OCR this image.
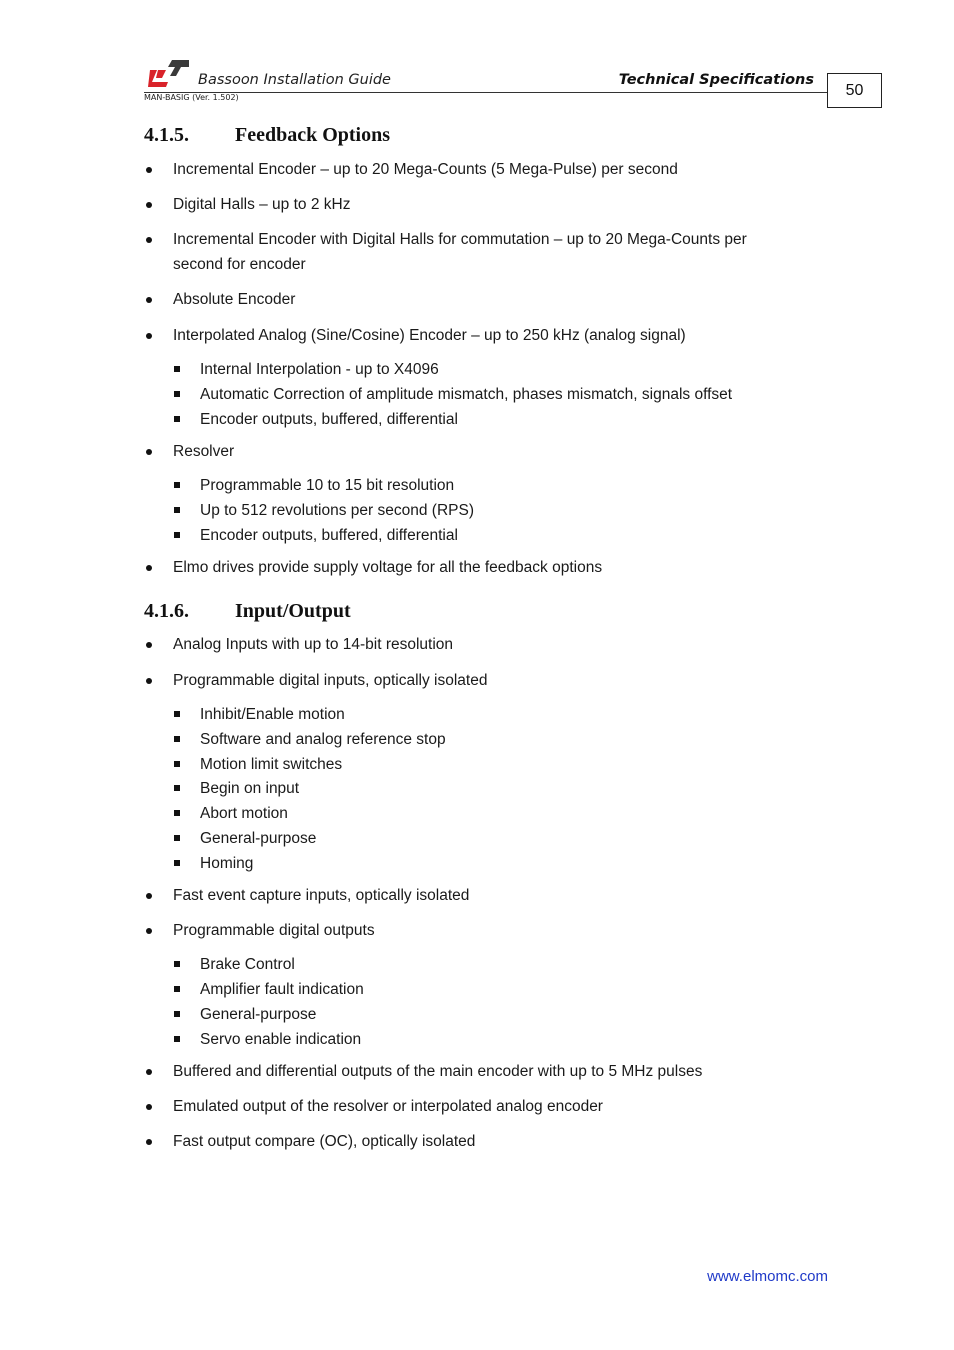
Bassoon Installation Guide	Technical Specifications
MAN-BASIG (Ver. 1.502)	50
4.1.5. Feedback Options
Incremental Encoder – up to 20 Mega-Counts (5 Mega-Pulse) per second
Digital Halls – up to 2 kHz
Incremental Encoder with Digital Halls for commutation – up to 20 Mega-Counts per
second for encoder
Absolute Encoder
Interpolated Analog (Sine/Cosine) Encoder – up to 250 kHz (analog signal)
Internal Interpolation - up to X4096
Automatic Correction of amplitude mismatch, phases mismatch, signals offset
Encoder outputs, buffered, differential
Resolver
Programmable 10 to 15 bit resolution
Up to 512 revolutions per second (RPS)
Encoder outputs, buffered, differential
Elmo drives provide supply voltage for all the feedback options
4.1.6. Input/Output
Analog Inputs with up to 14-bit resolution
Programmable digital inputs, optically isolated
Inhibit/Enable motion
Software and analog reference stop
Motion limit switches
Begin on input
Abort motion
General-purpose
Homing
Fast event capture inputs, optically isolated
Programmable digital outputs
Brake Control
Amplifier fault indication
General-purpose
Servo enable indication
Buffered and differential outputs of the main encoder with up to 5 MHz pulses
Emulated output of the resolver or interpolated analog encoder
Fast output compare (OC), optically isolated
www.elmomc.com
